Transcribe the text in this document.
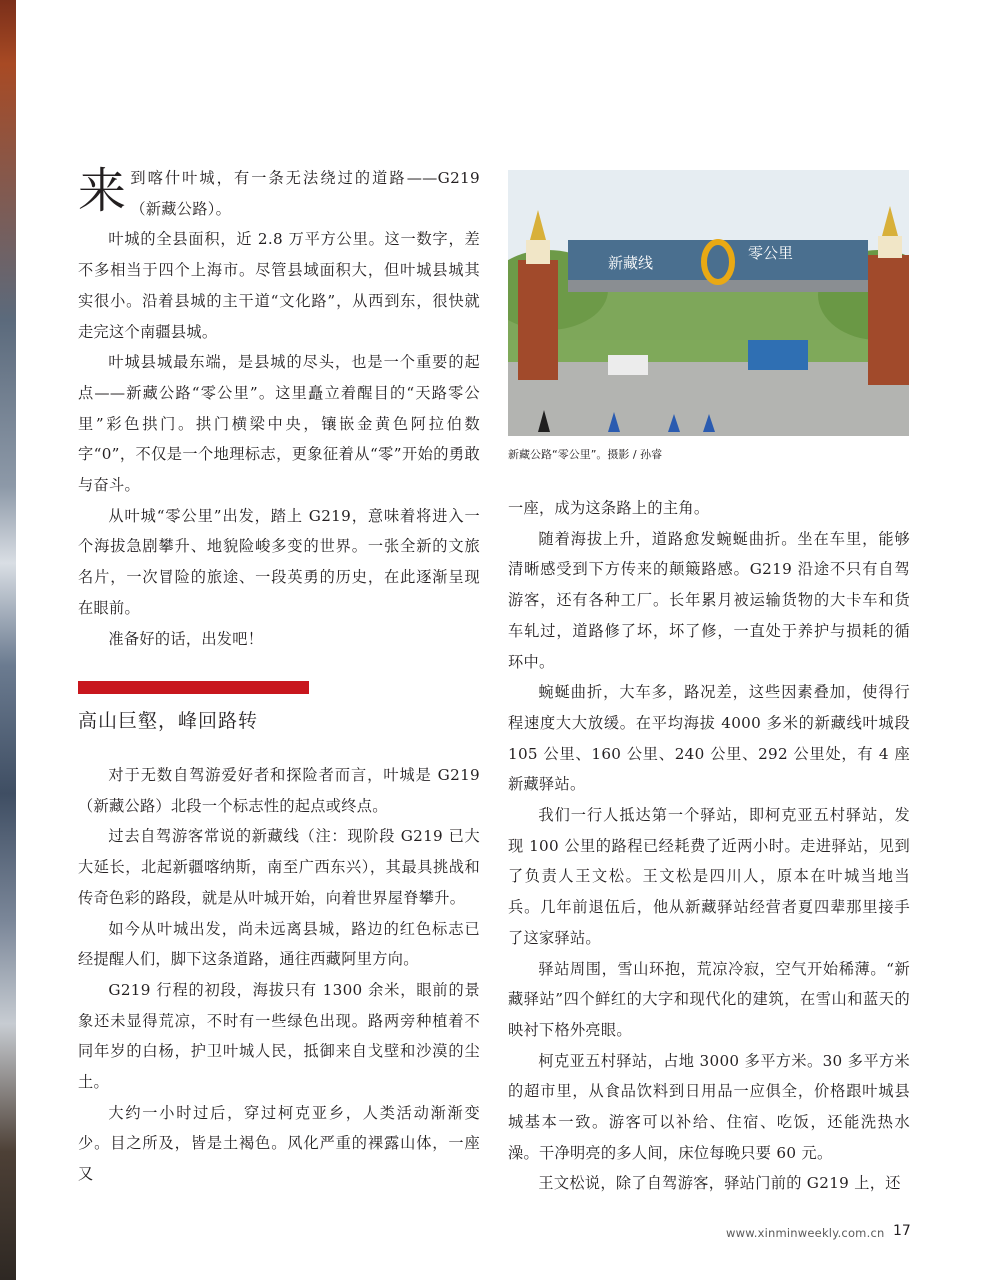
来到喀什叶城，有一条无法绕过的道路——G219（新藏公路）。

叶城的全县面积，近 2.8 万平方公里。这一数字，差不多相当于四个上海市。尽管县域面积大，但叶城县城其实很小。沿着县城的主干道“文化路”，从西到东，很快就走完这个南疆县城。

叶城县城最东端，是县城的尽头，也是一个重要的起点——新藏公路“零公里”。这里矗立着醒目的“天路零公里”彩色拱门。拱门横梁中央，镶嵌金黄色阿拉伯数字“0”，不仅是一个地理标志，更象征着从“零”开始的勇敢与奋斗。

从叶城“零公里”出发，踏上 G219，意味着将进入一个海拔急剧攀升、地貌险峻多变的世界。一张全新的文旅名片，一次冒险的旅途、一段英勇的历史，在此逐渐呈现在眼前。

准备好的话，出发吧！

高山巨壑，峰回路转

对于无数自驾游爱好者和探险者而言，叶城是 G219（新藏公路）北段一个标志性的起点或终点。

过去自驾游客常说的新藏线（注：现阶段 G219 已大大延长，北起新疆喀纳斯，南至广西东兴），其最具挑战和传奇色彩的路段，就是从叶城开始，向着世界屋脊攀升。

如今从叶城出发，尚未远离县城，路边的红色标志已经提醒人们，脚下这条道路，通往西藏阿里方向。

G219 行程的初段，海拔只有 1300 余米，眼前的景象还未显得荒凉，不时有一些绿色出现。路两旁种植着不同年岁的白杨，护卫叶城人民，抵御来自戈壁和沙漠的尘土。

大约一小时过后，穿过柯克亚乡，人类活动渐渐变少。目之所及，皆是土褐色。风化严重的裸露山体，一座又

新藏线
零公里
新藏公路“零公里”。摄影 / 孙睿

一座，成为这条路上的主角。

随着海拔上升，道路愈发蜿蜒曲折。坐在车里，能够清晰感受到下方传来的颠簸路感。G219 沿途不只有自驾游客，还有各种工厂。长年累月被运输货物的大卡车和货车轧过，道路修了坏，坏了修，一直处于养护与损耗的循环中。

蜿蜒曲折，大车多，路况差，这些因素叠加，使得行程速度大大放缓。在平均海拔 4000 多米的新藏线叶城段 105 公里、160 公里、240 公里、292 公里处，有 4 座新藏驿站。

我们一行人抵达第一个驿站，即柯克亚五村驿站，发现 100 公里的路程已经耗费了近两小时。走进驿站，见到了负责人王文松。王文松是四川人，原本在叶城当地当兵。几年前退伍后，他从新藏驿站经营者夏四辈那里接手了这家驿站。

驿站周围，雪山环抱，荒凉冷寂，空气开始稀薄。“新藏驿站”四个鲜红的大字和现代化的建筑，在雪山和蓝天的映衬下格外亮眼。

柯克亚五村驿站，占地 3000 多平方米。30 多平方米的超市里，从食品饮料到日用品一应俱全，价格跟叶城县城基本一致。游客可以补给、住宿、吃饭，还能洗热水澡。干净明亮的多人间，床位每晚只要 60 元。

王文松说，除了自驾游客，驿站门前的 G219 上，还

www.xinminweekly.com.cn 17
